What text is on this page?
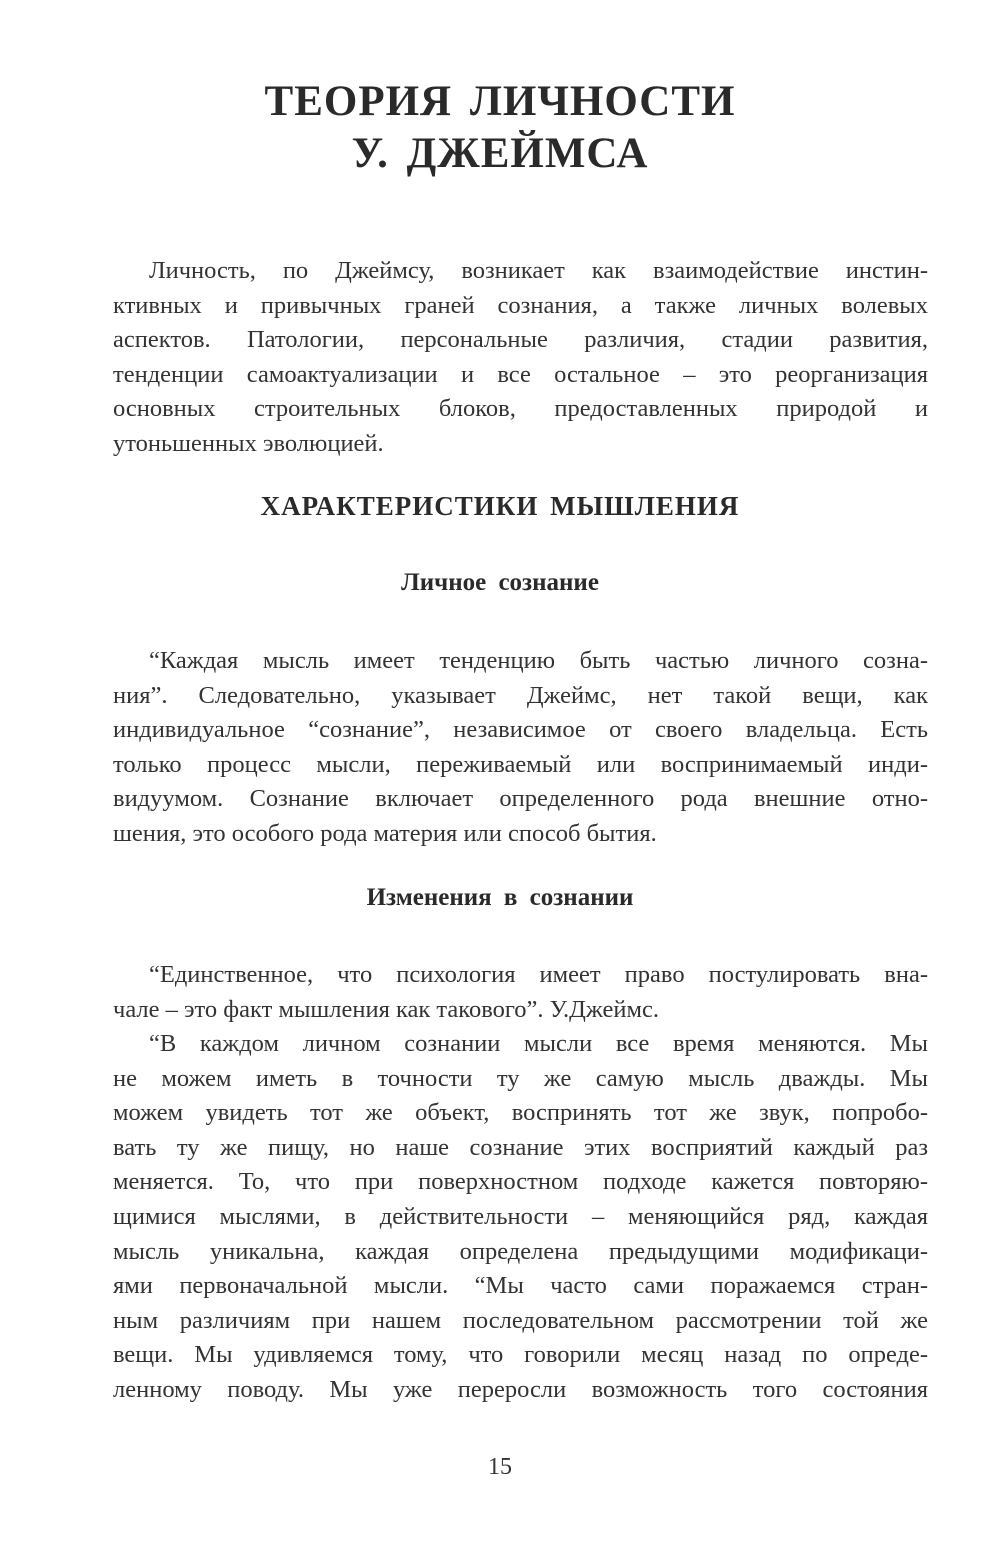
ТЕОРИЯ ЛИЧНОСТИ
У. ДЖЕЙМСА

Личность, по Джеймсу, возникает как взаимодействие инстин-
ктивных и привычных граней сознания, а также личных волевых
аспектов. Патологии, персональные различия, стадии развития,
тенденции самоактуализации и все остальное – это реорганизация
основных строительных блоков, предоставленных природой и
утоньшенных эволюцией.

ХАРАКТЕРИСТИКИ МЫШЛЕНИЯ
Личное сознание

“Каждая мысль имеет тенденцию быть частью личного созна-
ния”. Следовательно, указывает Джеймс, нет такой вещи, как
индивидуальное “сознание”, независимое от своего владельца. Есть
только процесс мысли, переживаемый или воспринимаемый инди-
видуумом. Сознание включает определенного рода внешние отно-
шения, это особого рода материя или способ бытия.

Изменения в сознании

“Единственное, что психология имеет право постулировать вна-
чале – это факт мышления как такового”. У.Джеймс.

“В каждом личном сознании мысли все время меняются. Мы
не можем иметь в точности ту же самую мысль дважды. Мы
можем увидеть тот же объект, воспринять тот же звук, попробо-
вать ту же пищу, но наше сознание этих восприятий каждый раз
меняется. То, что при поверхностном подходе кажется повторяю-
щимися мыслями, в действительности – меняющийся ряд, каждая
мысль уникальна, каждая определена предыдущими модификаци-
ями первоначальной мысли. “Мы часто сами поражаемся стран-
ным различиям при нашем последовательном рассмотрении той же
вещи. Мы удивляемся тому, что говорили месяц назад по опреде-
ленному поводу. Мы уже переросли возможность того состояния

15
